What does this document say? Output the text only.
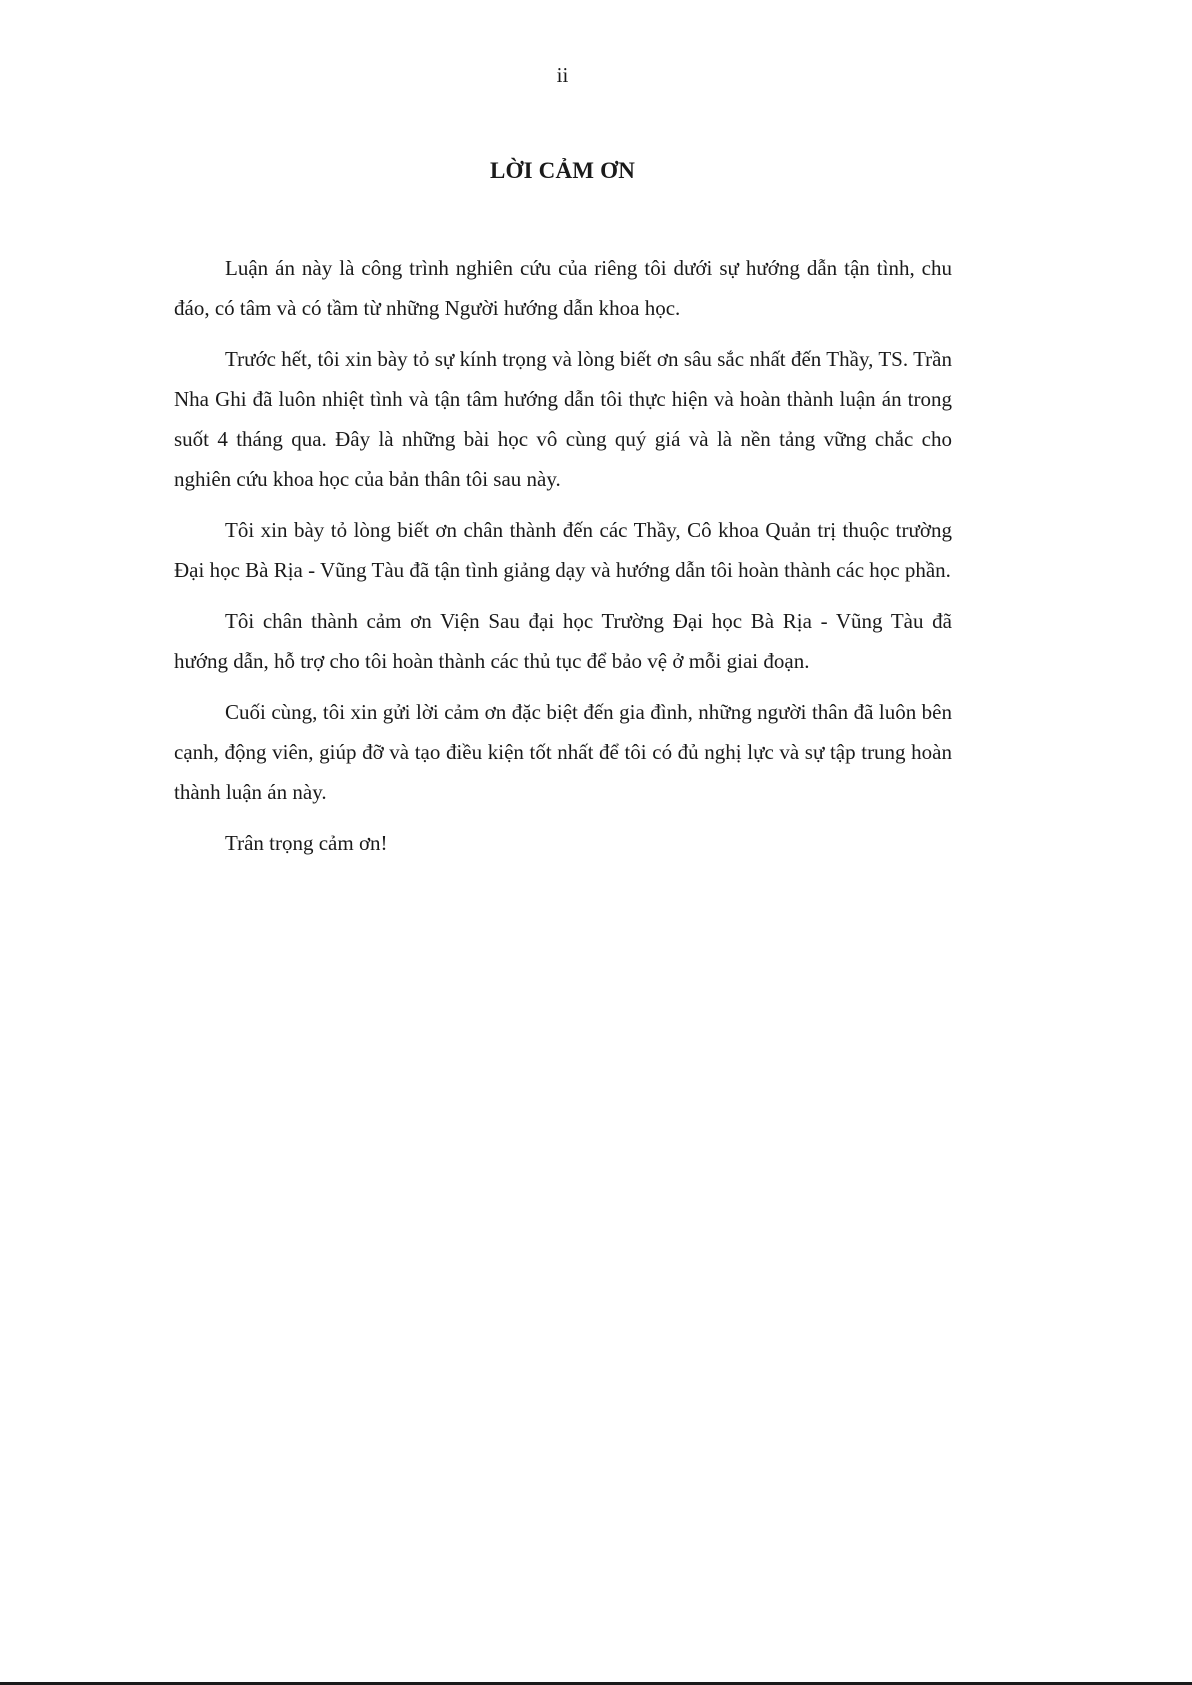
ii
LỜI CẢM ƠN

Luận án này là công trình nghiên cứu của riêng tôi dưới sự hướng dẫn tận tình, chu đáo, có tâm và có tầm từ những Người hướng dẫn khoa học.

Trước hết, tôi xin bày tỏ sự kính trọng và lòng biết ơn sâu sắc nhất đến Thầy, TS. Trần Nha Ghi đã luôn nhiệt tình và tận tâm hướng dẫn tôi thực hiện và hoàn thành luận án trong suốt 4 tháng qua. Đây là những bài học vô cùng quý giá và là nền tảng vững chắc cho nghiên cứu khoa học của bản thân tôi sau này.

Tôi xin bày tỏ lòng biết ơn chân thành đến các Thầy, Cô khoa Quản trị thuộc trường Đại học Bà Rịa - Vũng Tàu đã tận tình giảng dạy và hướng dẫn tôi hoàn thành các học phần.

Tôi chân thành cảm ơn Viện Sau đại học Trường Đại học Bà Rịa - Vũng Tàu đã hướng dẫn, hỗ trợ cho tôi hoàn thành các thủ tục để bảo vệ ở mỗi giai đoạn.

Cuối cùng, tôi xin gửi lời cảm ơn đặc biệt đến gia đình, những người thân đã luôn bên cạnh, động viên, giúp đỡ và tạo điều kiện tốt nhất để tôi có đủ nghị lực và sự tập trung hoàn thành luận án này.

Trân trọng cảm ơn!
